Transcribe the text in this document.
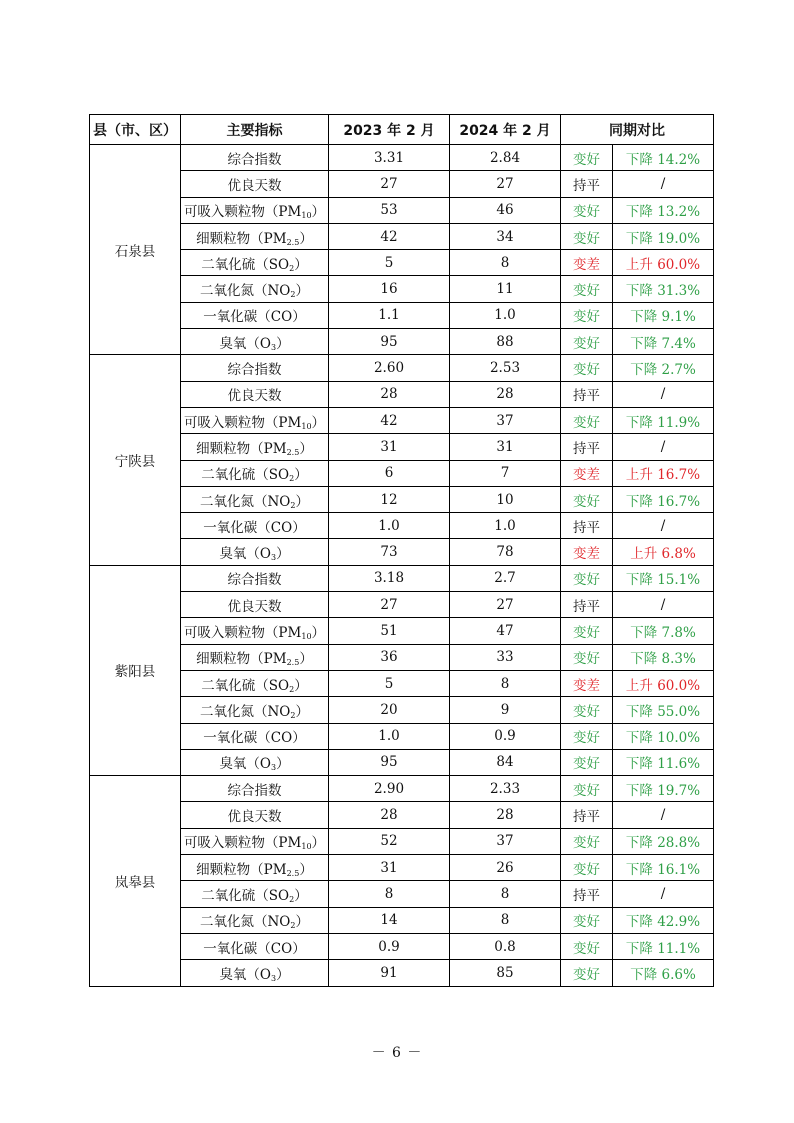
县（市、区）	主要指标	2023 年 2 月	2024 年 2 月	同期对比	
石泉县	综合指数	3.31	2.84	变好	下降 14.2%
	优良天数	27	27	持平	/
	可吸入颗粒物$(PM_{10})$	53	46	变好	下降 13.2%
	细颗粒物$(PM_{2.5})$	42	34	变好	下降 19.0%
	二氧化硫$(SO_2)$	5	8	变差	上升 60.0%
	二氧化氮$(NO_2)$	16	11	变好	下降 31.3%
	一氧化碳（CO）	1.1	1.0	变好	下降 9.1%
	臭氧$(O_3)$	95	88	变好	下降 7.4%
宁陕县	综合指数	2.60	2.53	变好	下降 2.7%
	优良天数	28	28	持平	/
	可吸入颗粒物$(PM_{10})$	42	37	变好	下降 11.9%
	细颗粒物$(PM_{2.5})$	31	31	持平	/
	二氧化硫$(SO_2)$	6	7	变差	上升 16.7%
	二氧化氮$(NO_2)$	12	10	变好	下降 16.7%
	一氧化碳（CO）	1.0	1.0	持平	/
	臭氧$(O_3)$	73	78	变差	上升 6.8%
紫阳县	综合指数	3.18	2.7	变好	下降 15.1%
	优良天数	27	27	持平	/
	可吸入颗粒物$(PM_{10})$	51	47	变好	下降 7.8%
	细颗粒物$(PM_{2.5})$	36	33	变好	下降 8.3%
	二氧化硫$(SO_2)$	5	8	变差	上升 60.0%
	二氧化氮$(NO_2)$	20	9	变好	下降 55.0%
	一氧化碳（CO）	1.0	0.9	变好	下降 10.0%
	臭氧$(O_3)$	95	84	变好	下降 11.6%
岚皋县	综合指数	2.90	2.33	变好	下降 19.7%
	优良天数	28	28	持平	/
	可吸入颗粒物$(PM_{10})$	52	37	变好	下降 28.8%
	细颗粒物$(PM_{2.5})$	31	26	变好	下降 16.1%
	二氧化硫$(SO_2)$	8	8	持平	/
	二氧化氮$(NO_2)$	14	8	变好	下降 42.9%
	一氧化碳（CO）	0.9	0.8	变好	下降 11.1%
	臭氧$(O_3)$	91	85	变好	下降 6.6%
－ 6 －
